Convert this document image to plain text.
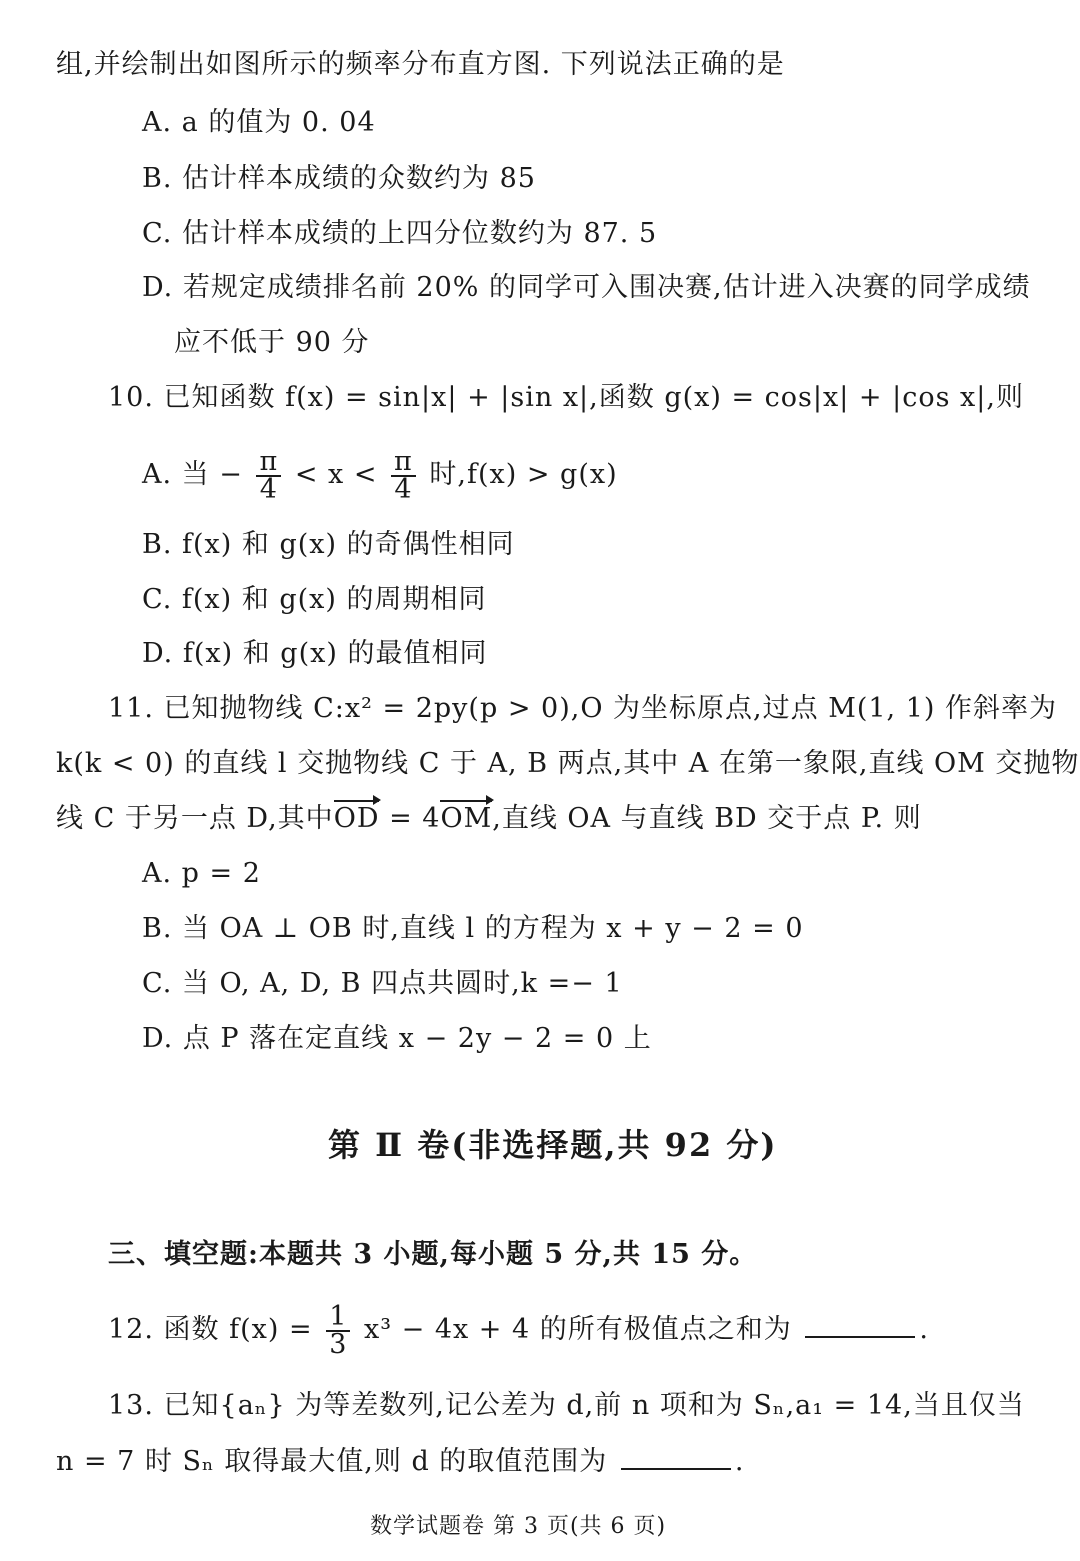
组,并绘制出如图所示的频率分布直方图. 下列说法正确的是
A. a 的值为 0. 04
B. 估计样本成绩的众数约为 85
C. 估计样本成绩的上四分位数约为 87. 5
D. 若规定成绩排名前 20% 的同学可入围决赛,估计进入决赛的同学成绩
应不低于 90 分
10. 已知函数 f(x) = sin|x| + |sin x|,函数 g(x) = cos|x| + |cos x|,则
A. 当 − $\frac{\pi}{4} < x < \frac{\pi}{4}$ 时,f(x) > g(x)
B. f(x) 和 g(x) 的奇偶性相同
C. f(x) 和 g(x) 的周期相同
D. f(x) 和 g(x) 的最值相同
11. 已知抛物线 C:x² = 2py(p > 0),O 为坐标原点,过点 M(1, 1) 作斜率为
k(k < 0) 的直线 l 交抛物线 C 于 A, B 两点,其中 A 在第一象限,直线 OM 交抛物
线 C 于另一点 D,其中OD = 4OM,直线 OA 与直线 BD 交于点 P. 则
A. p = 2
B. 当 OA ⊥ OB 时,直线 l 的方程为 x + y − 2 = 0
C. 当 O, A, D, B 四点共圆时,k =− 1
D. 点 P 落在定直线 x − 2y − 2 = 0 上
第 Ⅱ 卷(非选择题,共 92 分)
三、填空题:本题共 3 小题,每小题 5 分,共 15 分。
12. 函数 $f(x) = \frac{1}{3} x^3 - 4x + 4$ 的所有极值点之和为	.
13. 已知{aₙ} 为等差数列,记公差为 d,前 n 项和为 Sₙ,a₁ = 14,当且仅当
n = 7 时 Sₙ 取得最大值,则 d 的取值范围为	.
数学试题卷 第 3 页(共 6 页)
